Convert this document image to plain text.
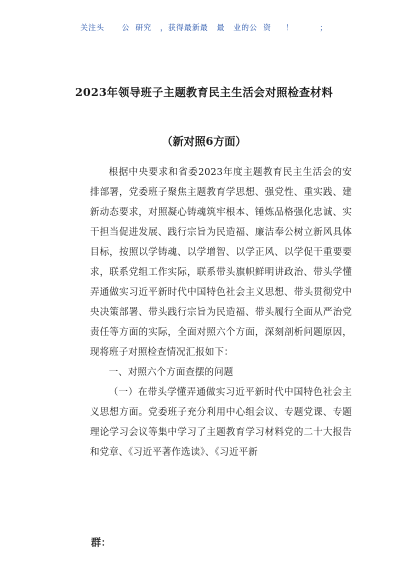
关注头      公  研究   ，获得最新最   最   业的公  资     ！         ；
2023年领导班子主题教育民主生活会对照检查材料
（新对照6方面）

根据中央要求和省委2023年度主题教育民主生活会的安排部署，党委班子聚焦主题教育学思想、强党性、重实践、建新动态要求，对照凝心铸魂筑牢根本、锤炼品格强化忠诚、实干担当促进发展、践行宗旨为民造福、廉洁奉公树立新风具体目标，按照以学铸魂、以学增智、以学正风、以学促干重要要求，联系党组工作实际，联系带头旗帜鲜明讲政治、带头学懂弄通做实习近平新时代中国特色社会主义思想、带头贯彻党中央决策部署、带头践行宗旨为民造福、带头履行全面从严治党责任等方面的实际，全面对照六个方面，深刻剖析问题原因，现将班子对照检查情况汇报如下：

一、对照六个方面查摆的问题

（一）在带头学懂弄通做实习近平新时代中国特色社会主义思想方面。党委班子充分利用中心组会议、专题党课、专题理论学习会议等集中学习了主题教育学习材料党的二十大报告和党章、《习近平著作选读》、《习近平新

群：
